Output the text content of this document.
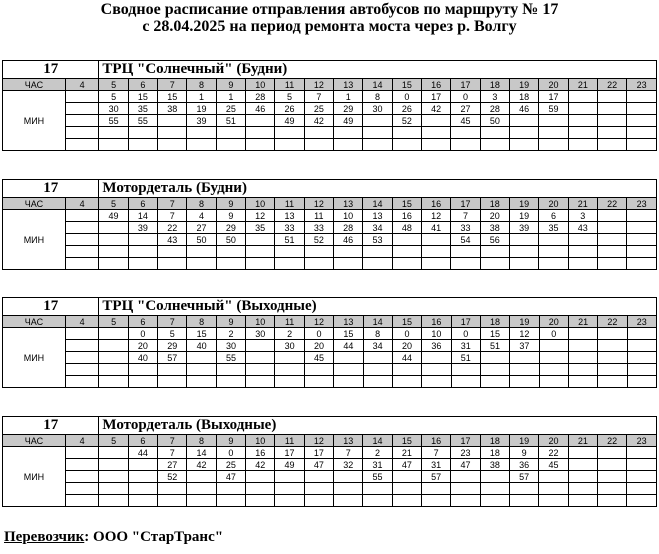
Сводное расписание отправления автобусов по маршруту № 17
с 28.04.2025 на период ремонта моста через р. Волгу
17		ТРЦ "Солнечный" (Будни)																		
ЧАС	4	5	6	7	8	9	10	11	12	13	14	15	16	17	18	19	20	21	22	23
МИН		5	15	15	1	1	28	5	7	1	8	0	17	0	3	18	17			
		30	35	38	19	25	46	26	25	29	30	26	42	27	28	46	59			
		55	55		39	51		49	42	49		52		45	50					

17		Мотордеталь (Будни)																		
ЧАС	4	5	6	7	8	9	10	11	12	13	14	15	16	17	18	19	20	21	22	23
МИН		49	14	7	4	9	12	13	11	10	13	16	12	7	20	19	6	3		
			39	22	27	29	35	33	33	28	34	48	41	33	38	39	35	43		
				43	50	50		51	52	46	53			54	56					

17		ТРЦ "Солнечный" (Выходные)																		
ЧАС	4	5	6	7	8	9	10	11	12	13	14	15	16	17	18	19	20	21	22	23
МИН			0	5	15	2	30	2	0	15	8	0	10	0	15	12	0			
			20	29	40	30		30	20	44	34	20	36	31	51	37				
			40	57		55			45			44		51						

17		Мотордеталь (Выходные)																		
ЧАС	4	5	6	7	8	9	10	11	12	13	14	15	16	17	18	19	20	21	22	23
МИН			44	7	14	0	16	17	17	7	2	21	7	23	18	9	22			
				27	42	25	42	49	47	32	31	47	31	47	38	36	45			
				52		47					55		57			57				

Перевозчик: ООО "СтарТранс"
